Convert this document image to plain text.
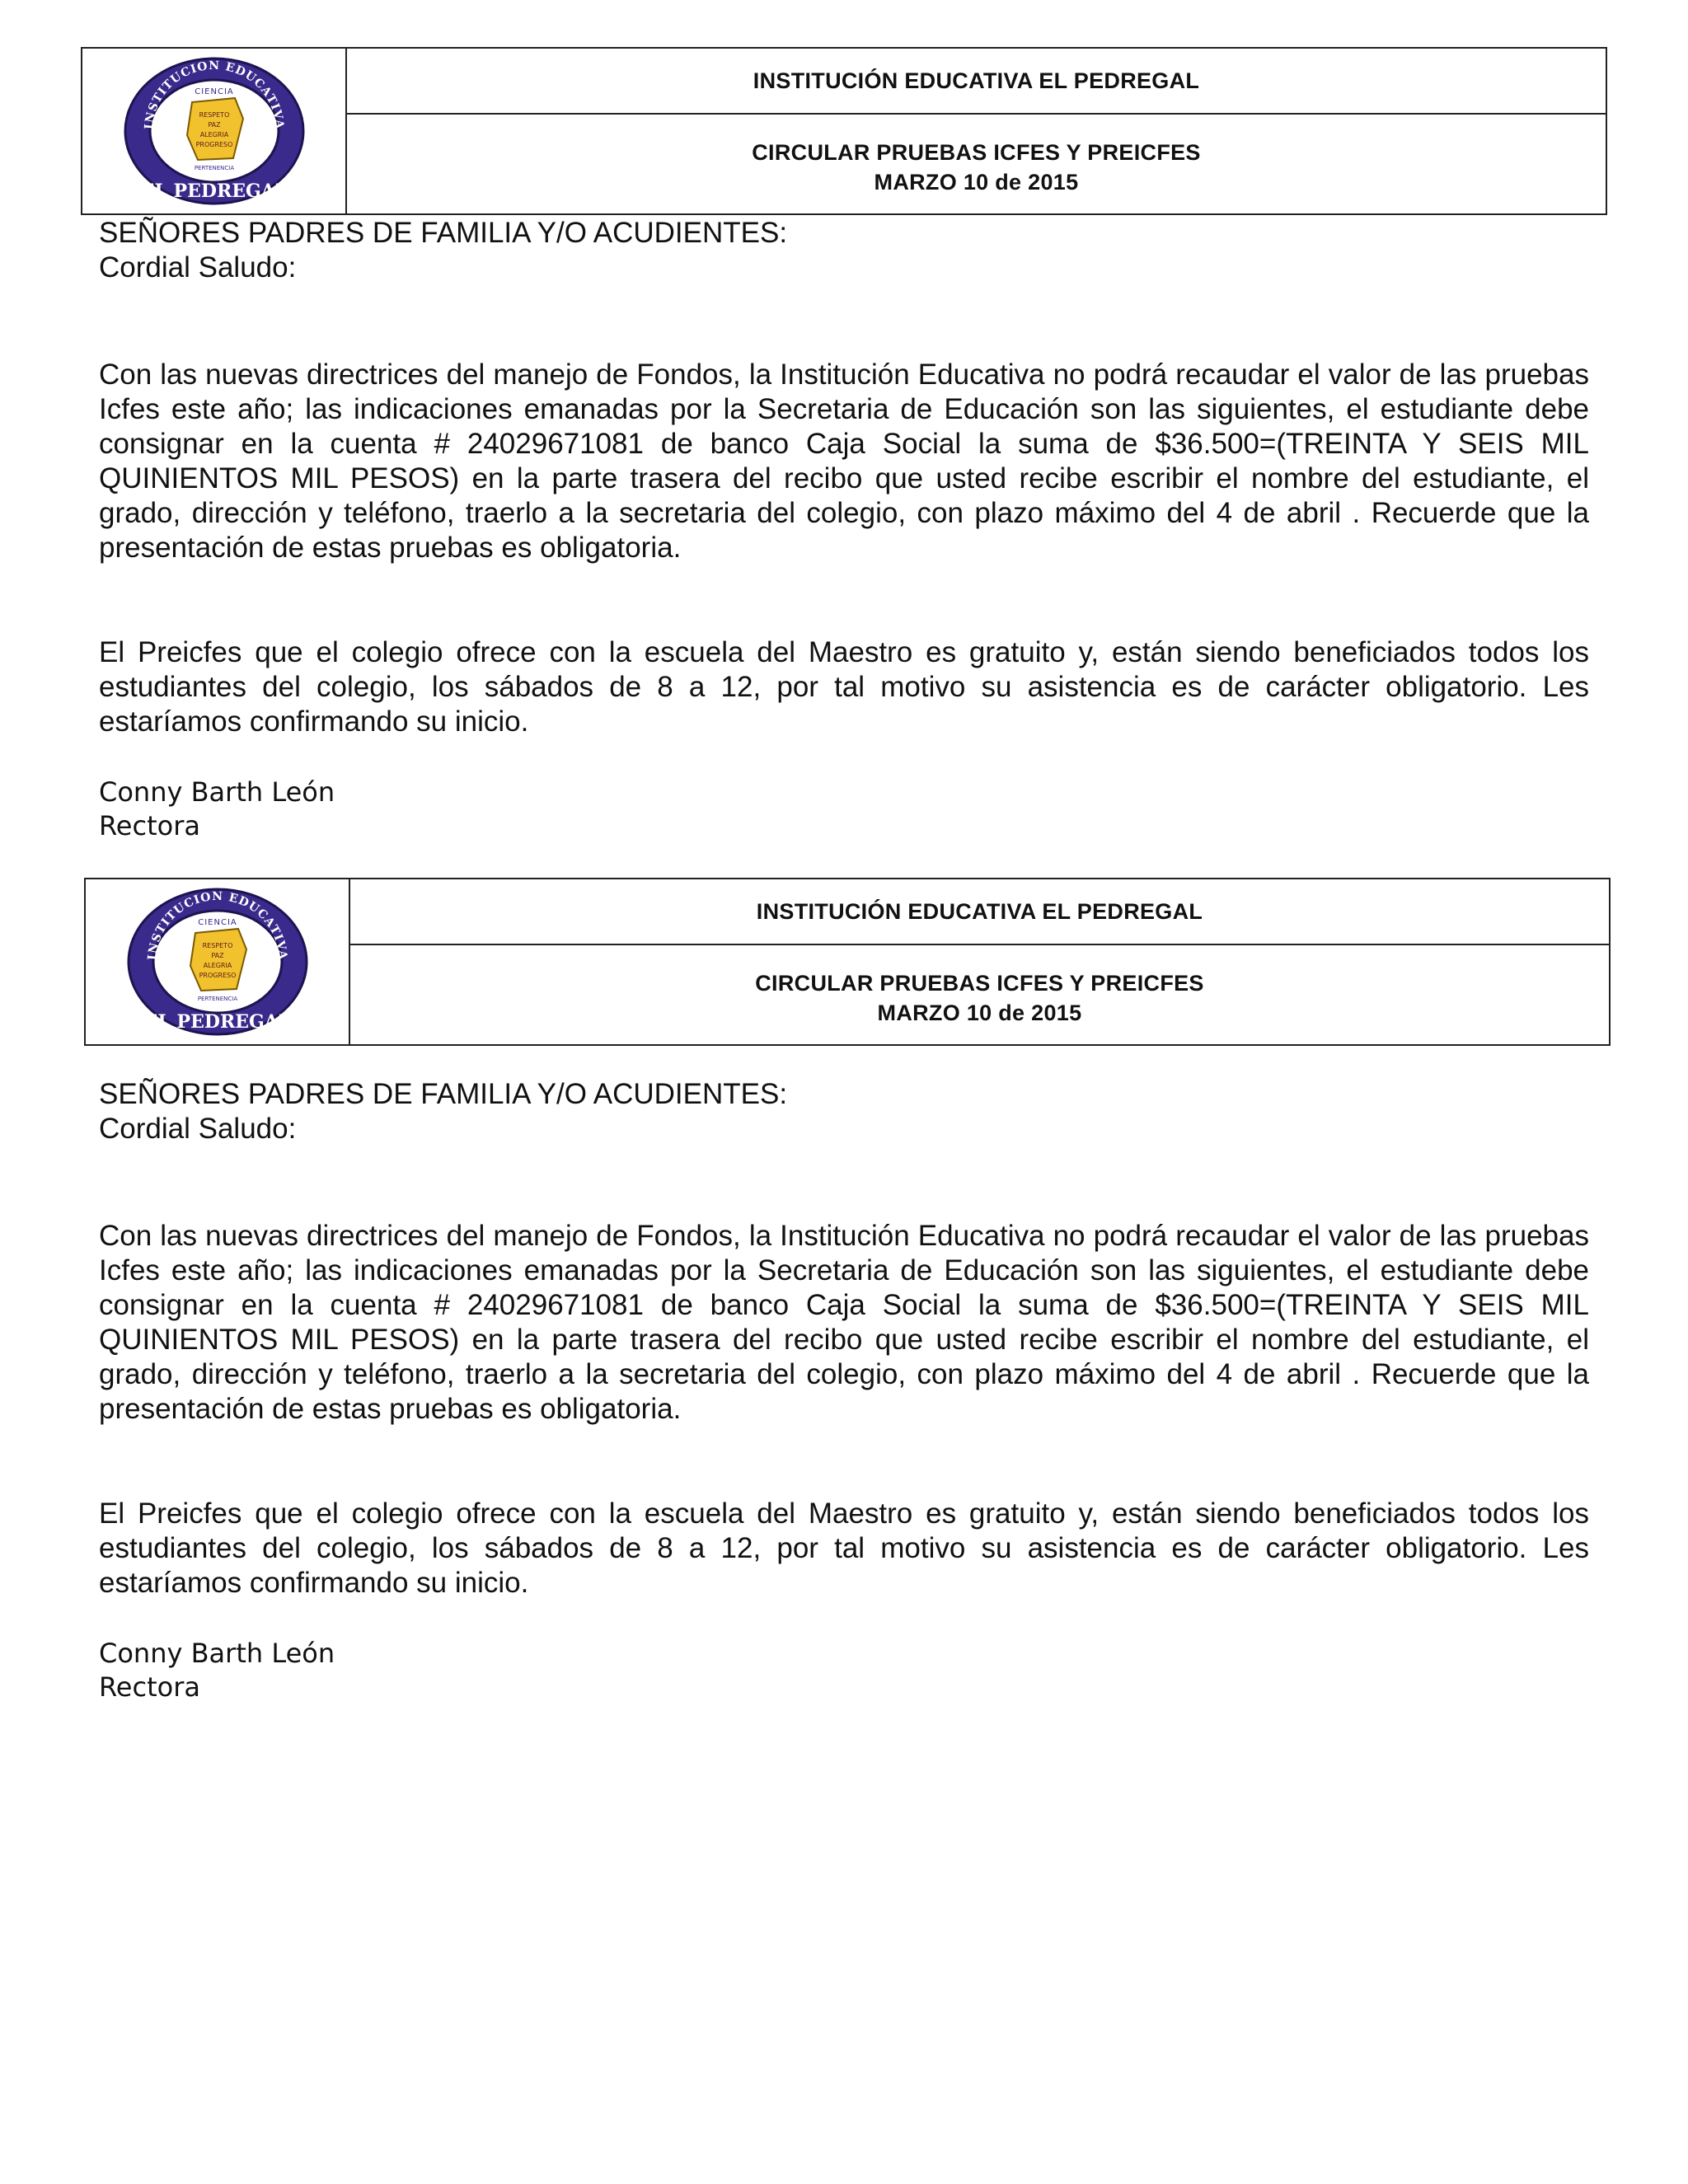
INSTITUCION EDUCATIVA
EL PEDREGAL
CIENCIA
RESPETO
PAZ
ALEGRIA
PROGRESO
PERTENENCIA
INSTITUCIÓN EDUCATIVA EL PEDREGAL
CIRCULAR PRUEBAS ICFES Y PREICFES
MARZO 10 de 2015
SEÑORES PADRES DE FAMILIA Y/O ACUDIENTES:
Cordial Saludo:
Con las nuevas directrices del manejo de Fondos, la Institución Educativa no podrá recaudar el valor de las pruebas Icfes este año; las indicaciones emanadas por la Secretaria de Educación son las siguientes, el estudiante debe consignar en la cuenta # 24029671081 de banco Caja Social la suma de $36.500=(TREINTA Y SEIS MIL QUINIENTOS MIL PESOS) en la parte trasera del recibo que usted recibe escribir el nombre del estudiante, el grado, dirección y teléfono, traerlo a la secretaria del colegio, con plazo máximo del 4 de abril . Recuerde que la presentación de estas pruebas es obligatoria.
El Preicfes que el colegio ofrece con la escuela del Maestro es gratuito y, están siendo beneficiados todos los estudiantes del colegio, los sábados de 8 a 12, por tal motivo su asistencia es de carácter obligatorio. Les estaríamos confirmando su inicio.
Conny Barth León
Rectora
INSTITUCION EDUCATIVA
EL PEDREGAL
CIENCIA
RESPETO
PAZ
ALEGRIA
PROGRESO
PERTENENCIA
INSTITUCIÓN EDUCATIVA EL PEDREGAL
CIRCULAR PRUEBAS ICFES Y PREICFES
MARZO 10 de 2015
SEÑORES PADRES DE FAMILIA Y/O ACUDIENTES:
Cordial Saludo:
Con las nuevas directrices del manejo de Fondos, la Institución Educativa no podrá recaudar el valor de las pruebas Icfes este año; las indicaciones emanadas por la Secretaria de Educación son las siguientes, el estudiante debe consignar en la cuenta # 24029671081 de banco Caja Social la suma de $36.500=(TREINTA Y SEIS MIL QUINIENTOS MIL PESOS) en la parte trasera del recibo que usted recibe escribir el nombre del estudiante, el grado, dirección y teléfono, traerlo a la secretaria del colegio, con plazo máximo del 4 de abril . Recuerde que la presentación de estas pruebas es obligatoria.
El Preicfes que el colegio ofrece con la escuela del Maestro es gratuito y, están siendo beneficiados todos los estudiantes del colegio, los sábados de 8 a 12, por tal motivo su asistencia es de carácter obligatorio. Les estaríamos confirmando su inicio.
Conny Barth León
Rectora
